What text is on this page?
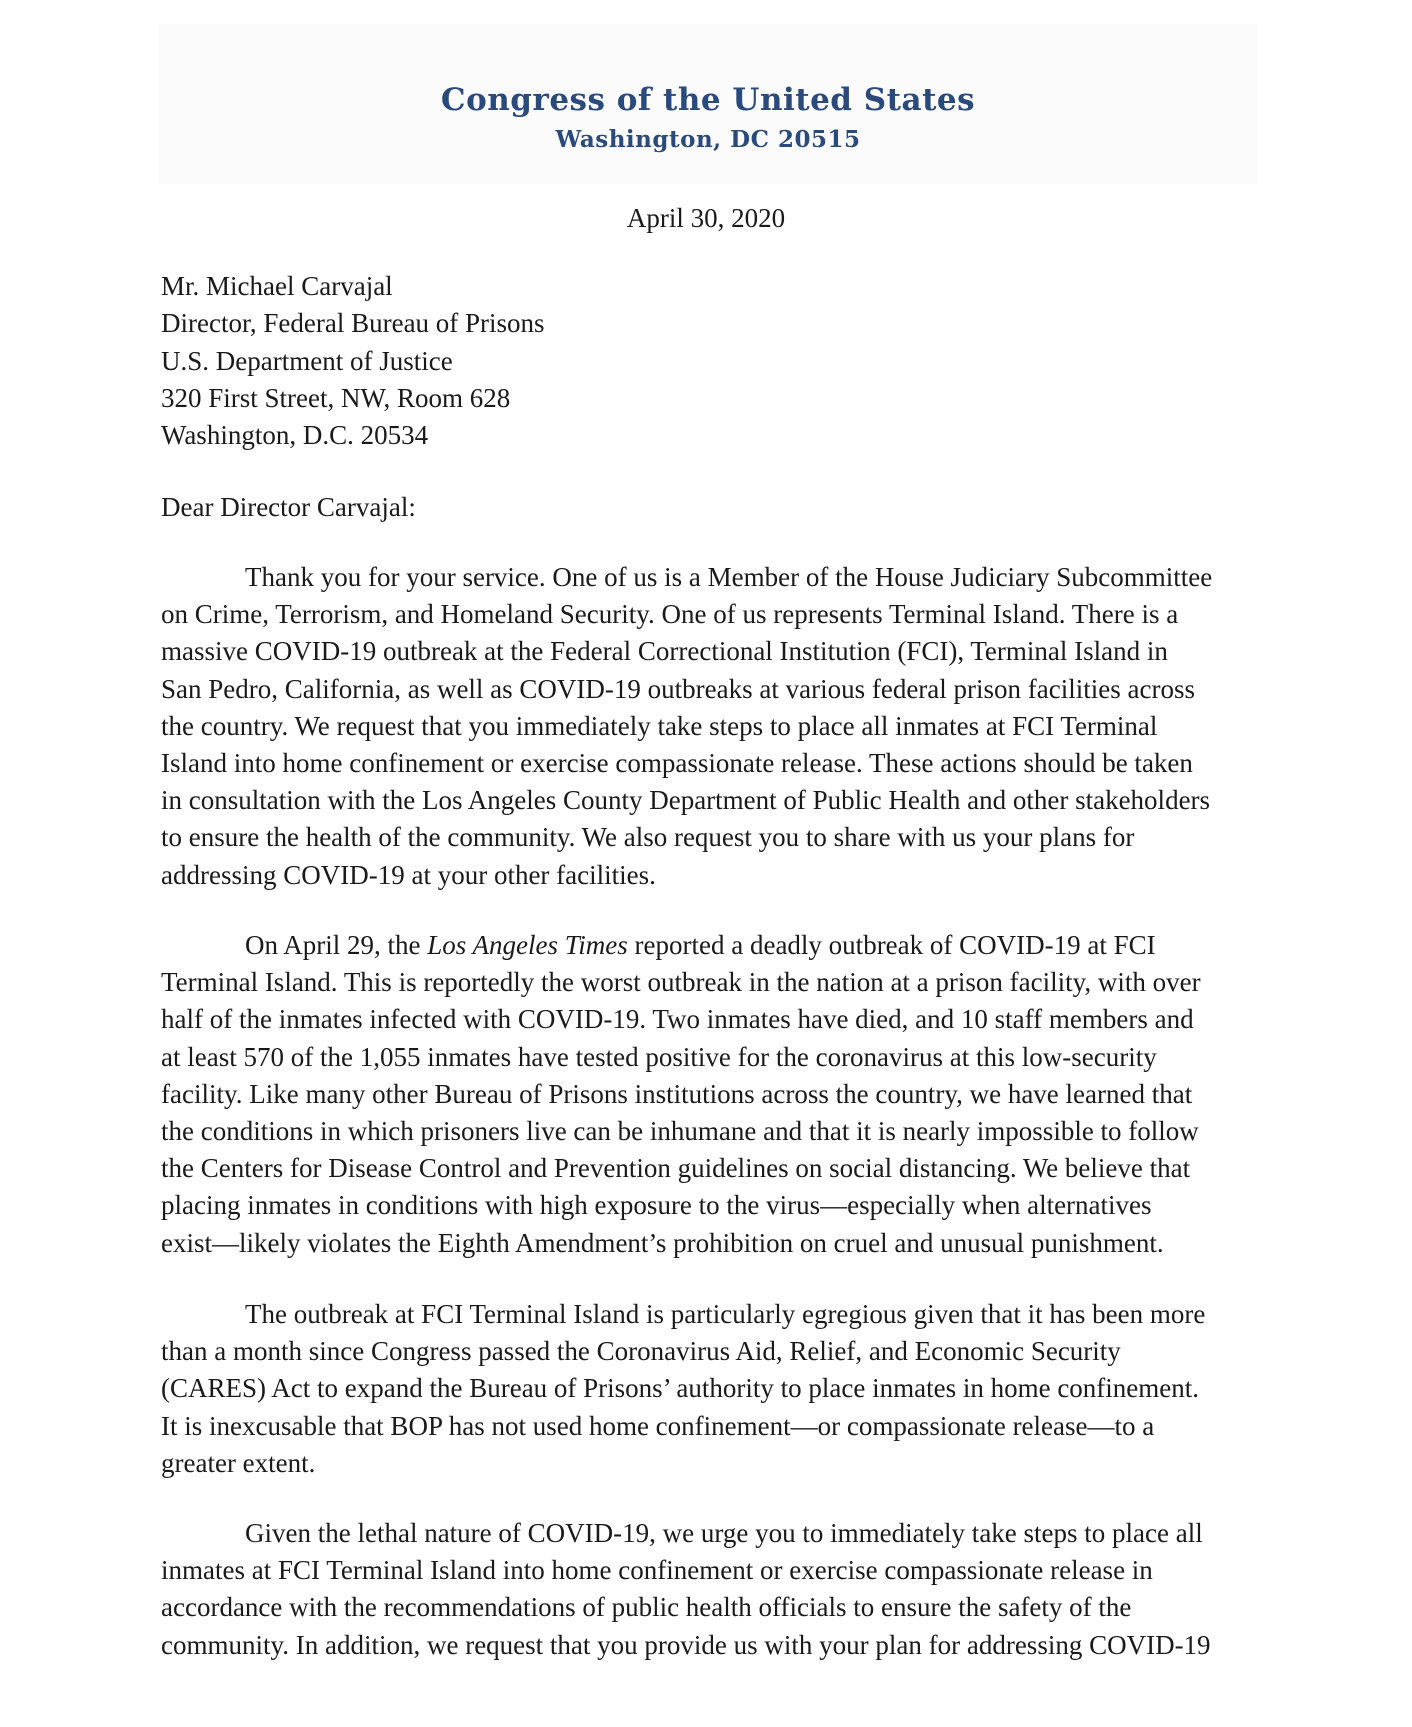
Congress of the United States
Washington, DC 20515
April 30, 2020
Mr. Michael Carvajal
Director, Federal Bureau of Prisons
U.S. Department of Justice
320 First Street, NW, Room 628
Washington, D.C. 20534
Dear Director Carvajal:
Thank you for your service. One of us is a Member of the House Judiciary Subcommittee
on Crime, Terrorism, and Homeland Security. One of us represents Terminal Island. There is a
massive COVID-19 outbreak at the Federal Correctional Institution (FCI), Terminal Island in
San Pedro, California, as well as COVID-19 outbreaks at various federal prison facilities across
the country. We request that you immediately take steps to place all inmates at FCI Terminal
Island into home confinement or exercise compassionate release. These actions should be taken
in consultation with the Los Angeles County Department of Public Health and other stakeholders
to ensure the health of the community. We also request you to share with us your plans for
addressing COVID-19 at your other facilities.
On April 29, the Los Angeles Times reported a deadly outbreak of COVID-19 at FCI
Terminal Island. This is reportedly the worst outbreak in the nation at a prison facility, with over
half of the inmates infected with COVID-19. Two inmates have died, and 10 staff members and
at least 570 of the 1,055 inmates have tested positive for the coronavirus at this low-security
facility. Like many other Bureau of Prisons institutions across the country, we have learned that
the conditions in which prisoners live can be inhumane and that it is nearly impossible to follow
the Centers for Disease Control and Prevention guidelines on social distancing. We believe that
placing inmates in conditions with high exposure to the virus—especially when alternatives
exist—likely violates the Eighth Amendment’s prohibition on cruel and unusual punishment.
The outbreak at FCI Terminal Island is particularly egregious given that it has been more
than a month since Congress passed the Coronavirus Aid, Relief, and Economic Security
(CARES) Act to expand the Bureau of Prisons’ authority to place inmates in home confinement.
It is inexcusable that BOP has not used home confinement—or compassionate release—to a
greater extent.
Given the lethal nature of COVID-19, we urge you to immediately take steps to place all
inmates at FCI Terminal Island into home confinement or exercise compassionate release in
accordance with the recommendations of public health officials to ensure the safety of the
community. In addition, we request that you provide us with your plan for addressing COVID-19
